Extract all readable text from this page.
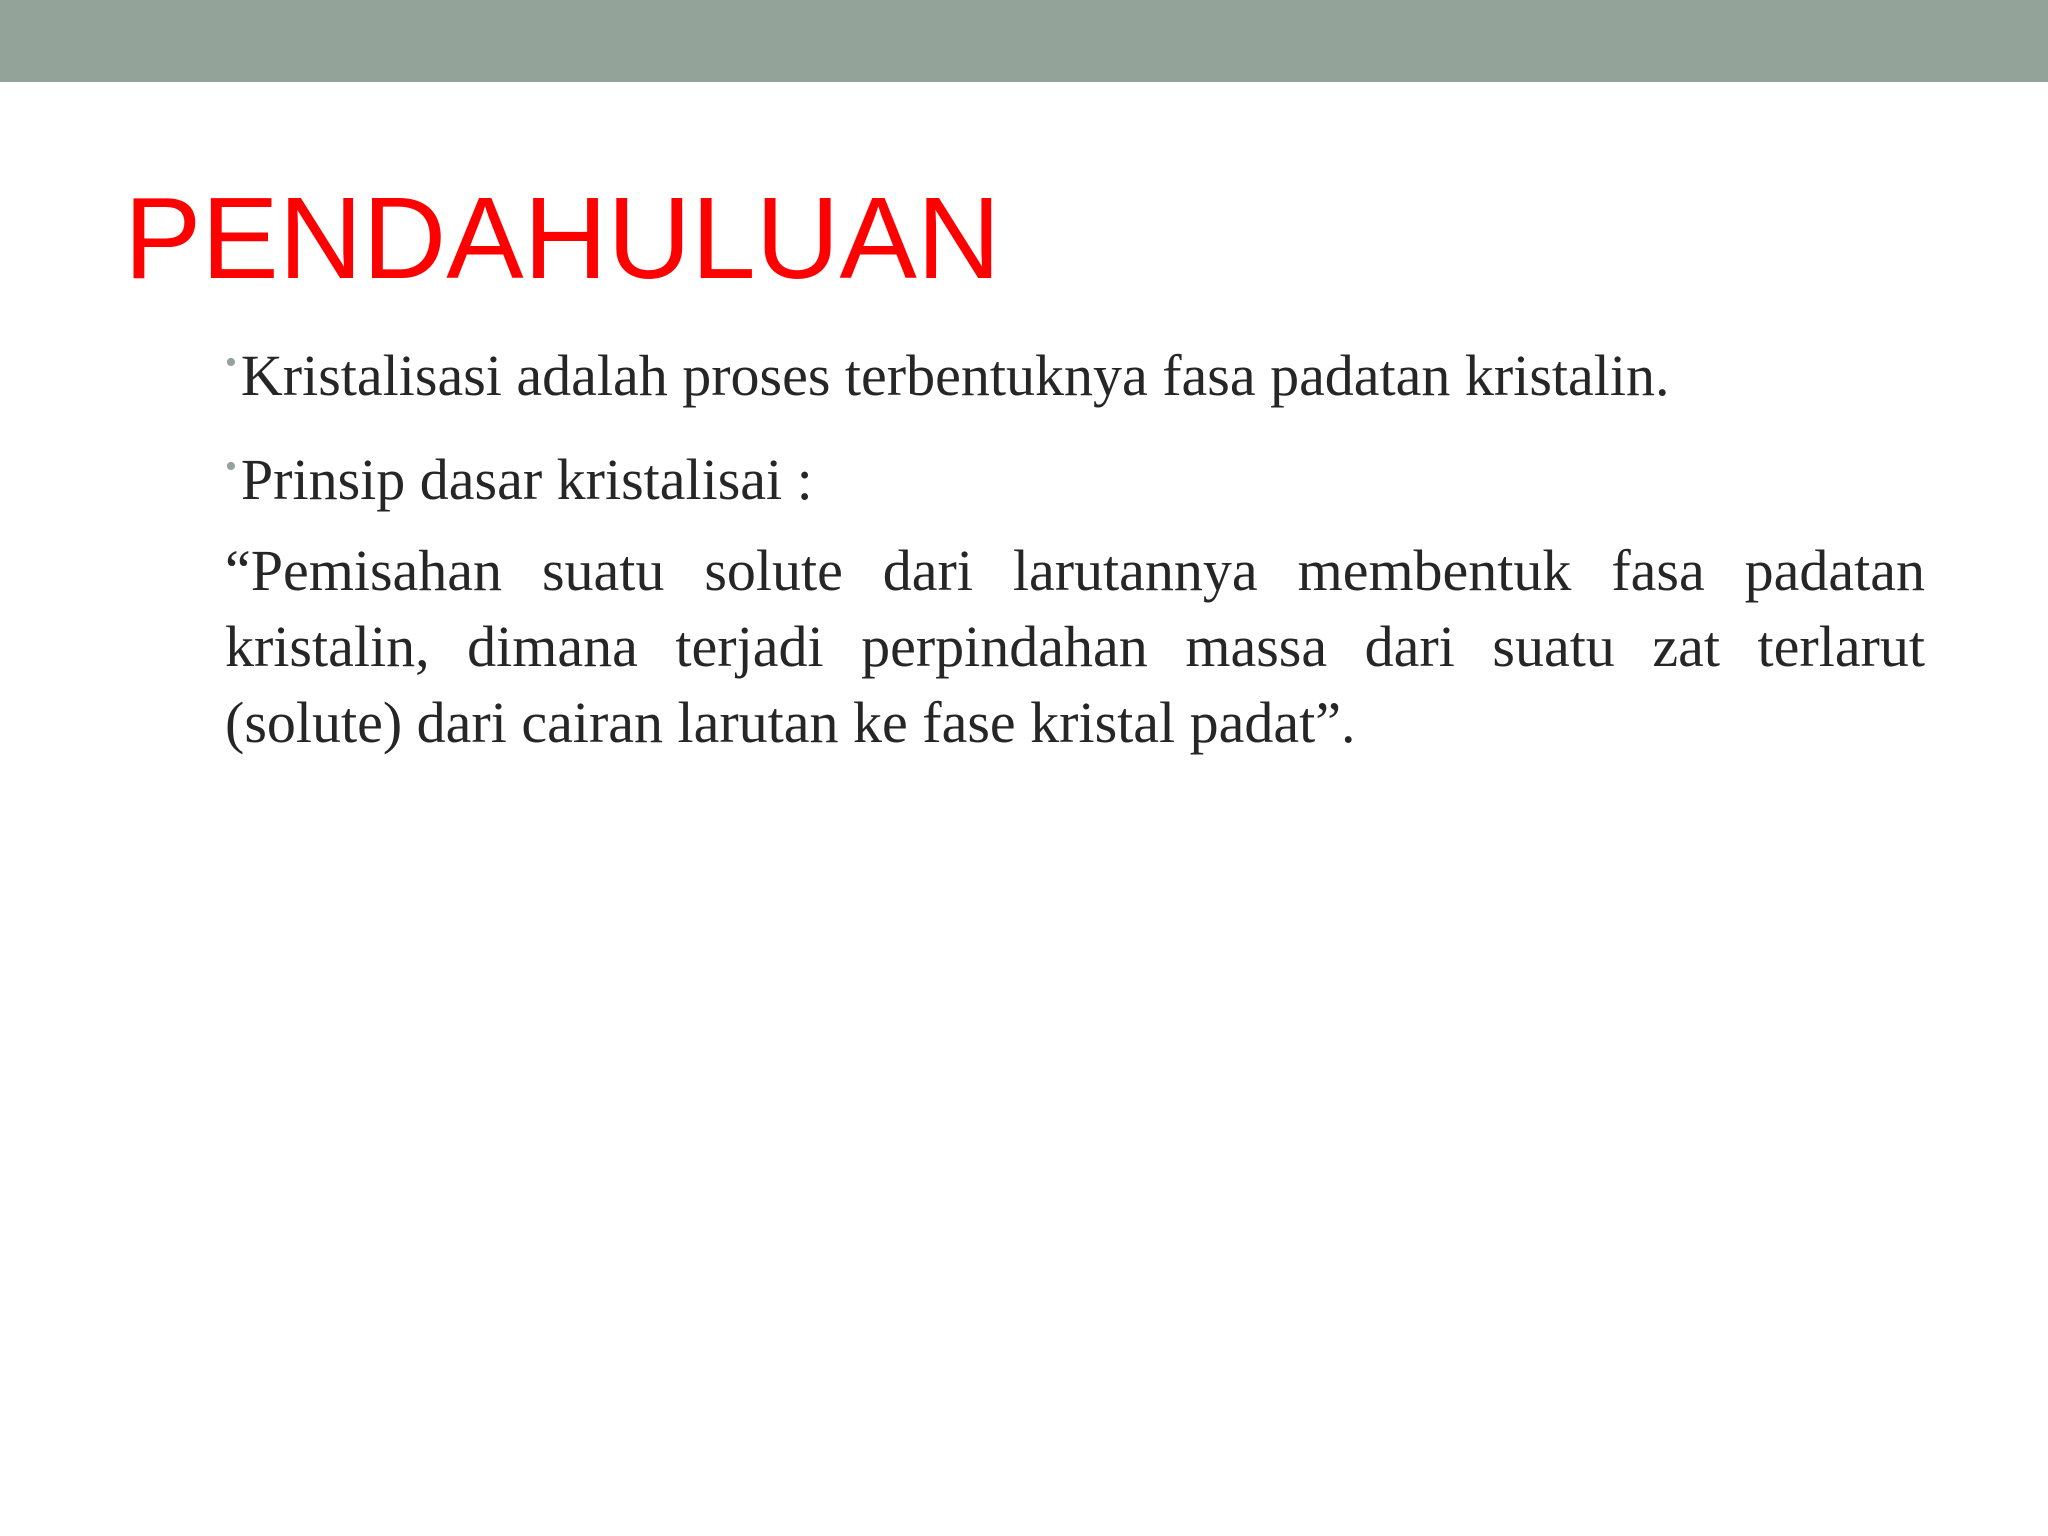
PENDAHULUAN
•Kristalisasi adalah proses terbentuknya fasa padatan kristalin.
•Prinsip dasar kristalisai :

“Pemisahan suatu solute dari larutannya membentuk fasa padatan kristalin, dimana terjadi perpindahan massa dari suatu zat terlarut (solute) dari cairan larutan ke fase kristal padat”.
